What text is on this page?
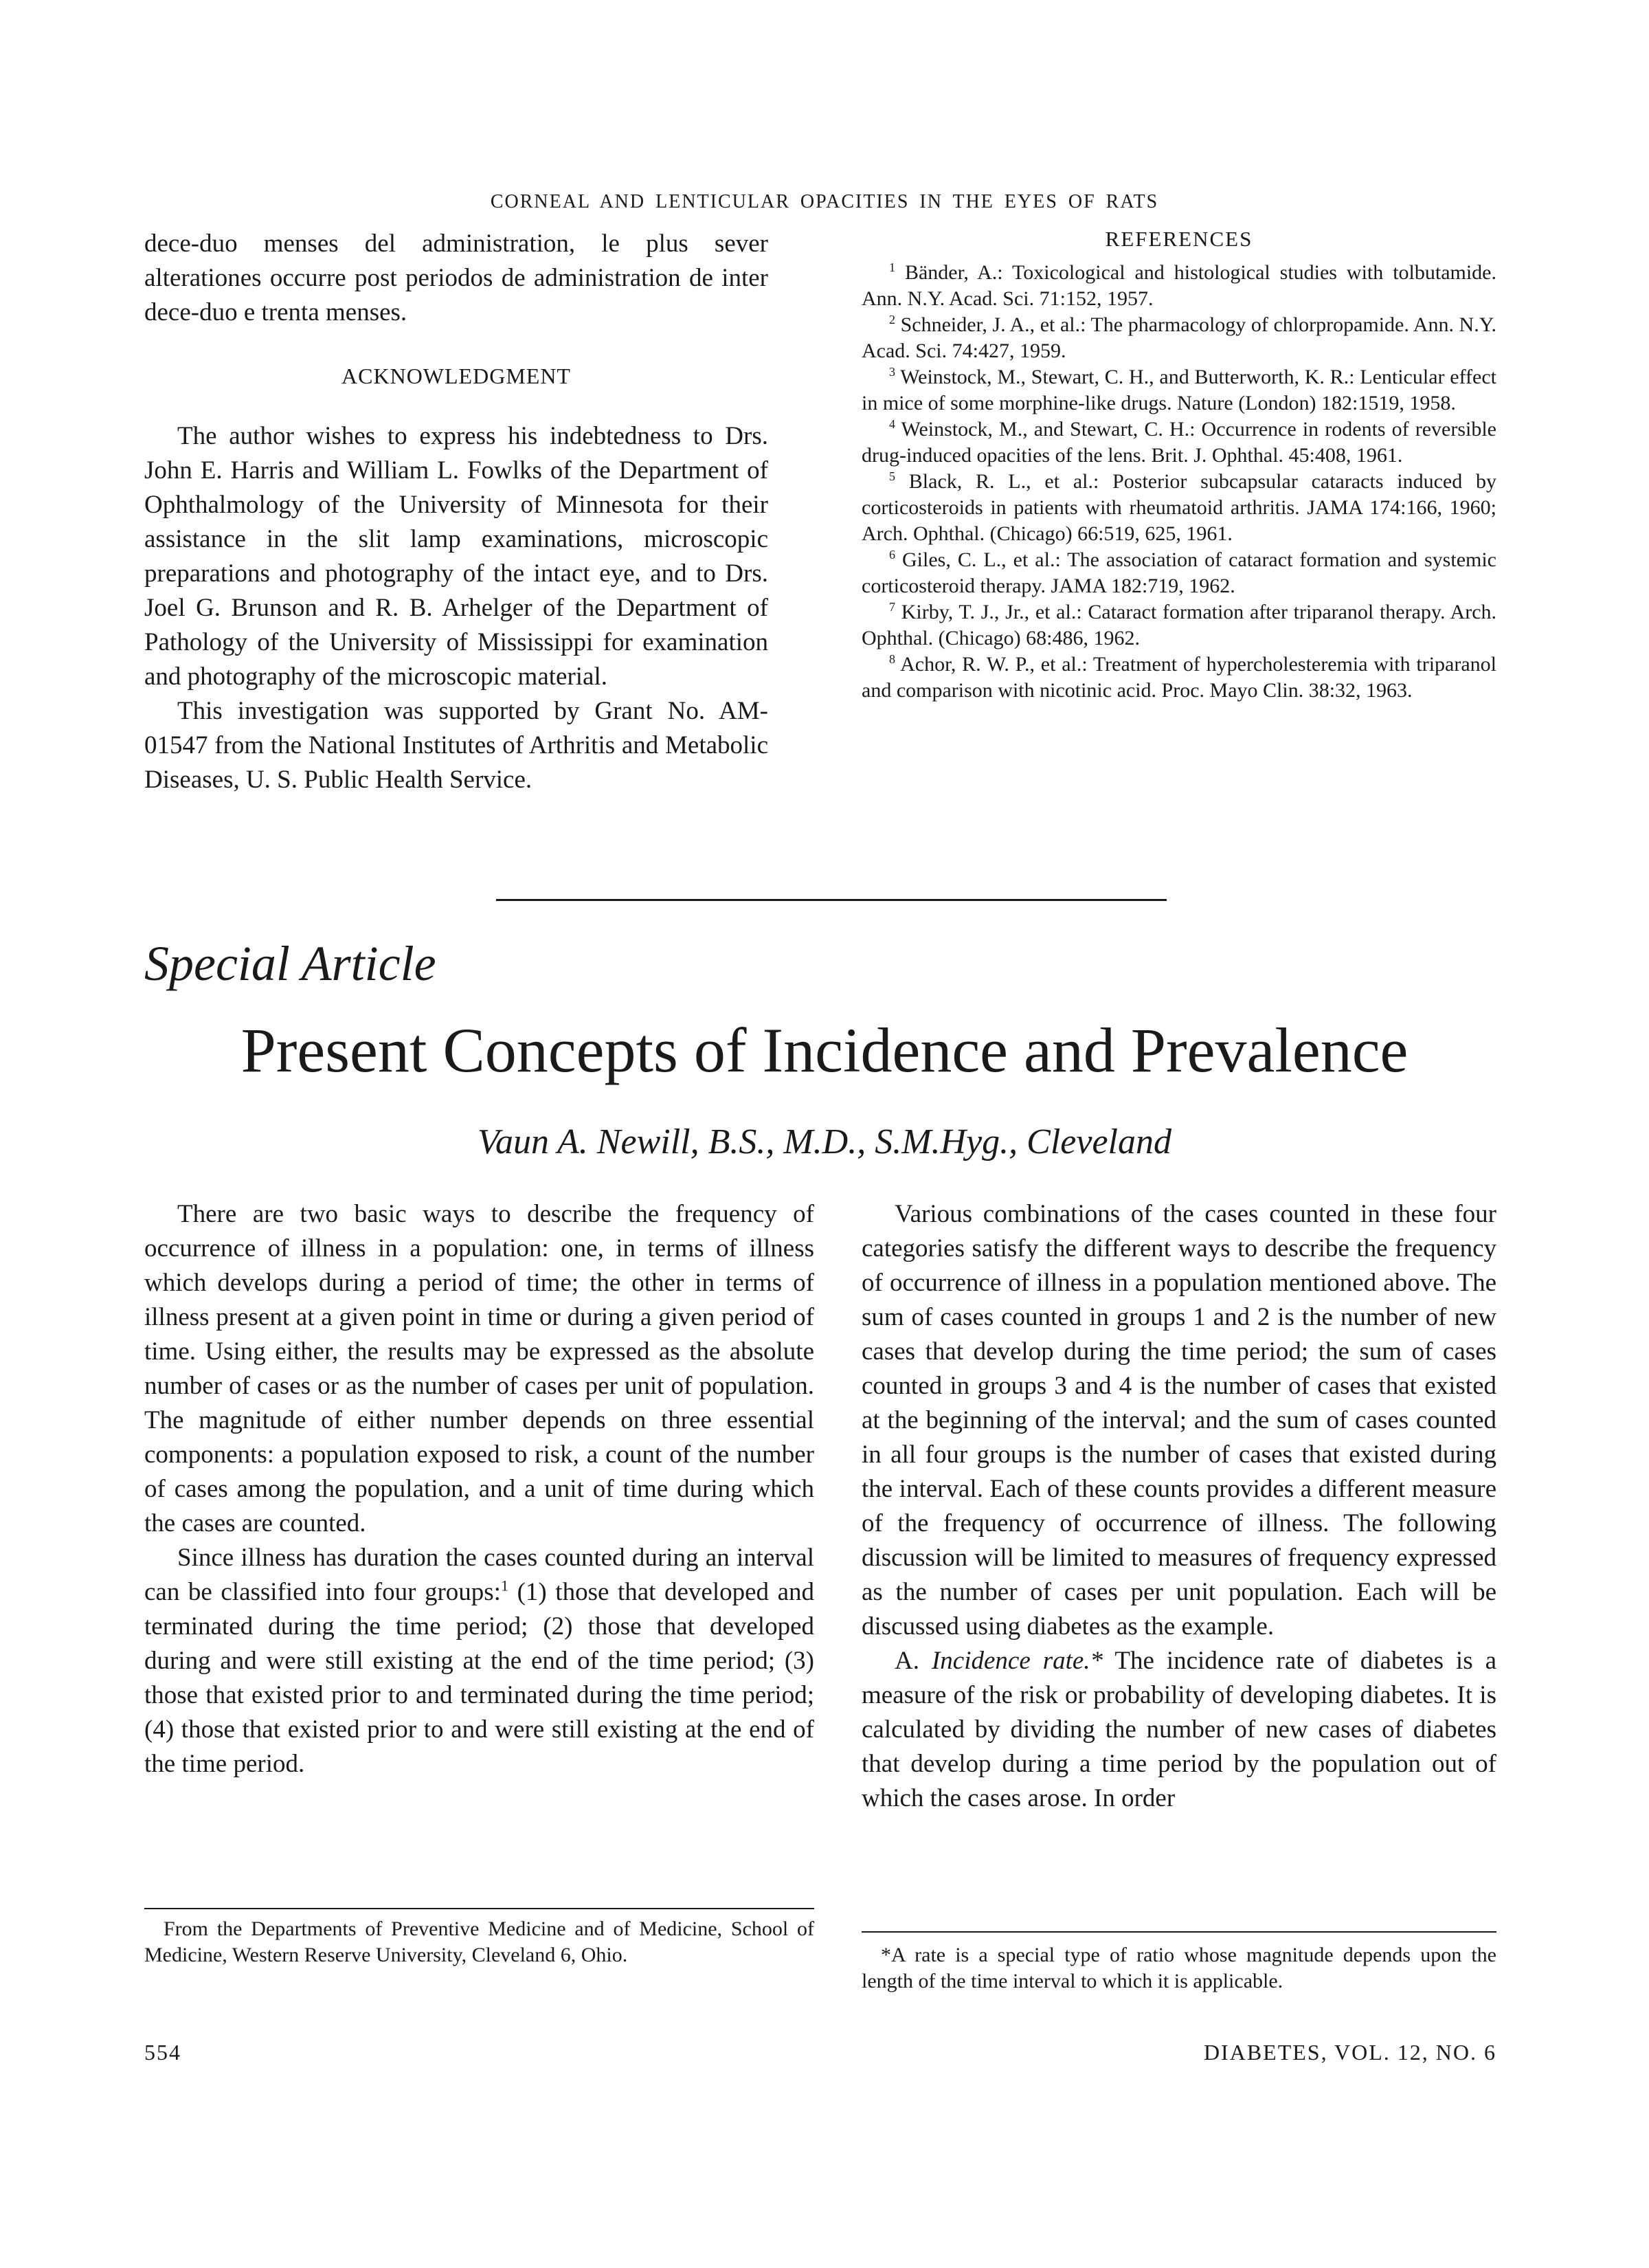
CORNEAL AND LENTICULAR OPACITIES IN THE EYES OF RATS

dece-duo menses del administration, le plus sever alterationes occurre post periodos de administration de inter dece-duo e trenta menses.

ACKNOWLEDGMENT

The author wishes to express his indebtedness to Drs. John E. Harris and William L. Fowlks of the Department of Ophthalmology of the University of Minnesota for their assistance in the slit lamp examinations, microscopic preparations and photography of the intact eye, and to Drs. Joel G. Brunson and R. B. Arhelger of the Department of Pathology of the University of Mississippi for examination and photography of the microscopic material.

This investigation was supported by Grant No. AM-01547 from the National Institutes of Arthritis and Metabolic Diseases, U. S. Public Health Service.

REFERENCES

$^1$ Bänder, A.: Toxicological and histological studies with tolbutamide. Ann. N.Y. Acad. Sci. 71:152, 1957.

$^2$ Schneider, J. A., et al.: The pharmacology of chlorpropamide. Ann. N.Y. Acad. Sci. 74:427, 1959.

$^3$ Weinstock, M., Stewart, C. H., and Butterworth, K. R.: Lenticular effect in mice of some morphine-like drugs. Nature (London) 182:1519, 1958.

$^4$ Weinstock, M., and Stewart, C. H.: Occurrence in rodents of reversible drug-induced opacities of the lens. Brit. J. Ophthal. 45:408, 1961.

$^5$ Black, R. L., et al.: Posterior subcapsular cataracts induced by corticosteroids in patients with rheumatoid arthritis. JAMA 174:166, 1960; Arch. Ophthal. (Chicago) 66:519, 625, 1961.

$^6$ Giles, C. L., et al.: The association of cataract formation and systemic corticosteroid therapy. JAMA 182:719, 1962.

$^7$ Kirby, T. J., Jr., et al.: Cataract formation after triparanol therapy. Arch. Ophthal. (Chicago) 68:486, 1962.

$^8$ Achor, R. W. P., et al.: Treatment of hypercholesteremia with triparanol and comparison with nicotinic acid. Proc. Mayo Clin. 38:32, 1963.

Special Article
Present Concepts of Incidence and Prevalence
Vaun A. Newill, B.S., M.D., S.M.Hyg., Cleveland

There are two basic ways to describe the frequency of occurrence of illness in a population: one, in terms of illness which develops during a period of time; the other in terms of illness present at a given point in time or during a given period of time. Using either, the results may be expressed as the absolute number of cases or as the number of cases per unit of population. The magnitude of either number depends on three essential components: a population exposed to risk, a count of the number of cases among the population, and a unit of time during which the cases are counted.

Since illness has duration the cases counted during an interval can be classified into four groups:$^1$ (1) those that developed and terminated during the time period; (2) those that developed during and were still existing at the end of the time period; (3) those that existed prior to and terminated during the time period; (4) those that existed prior to and were still existing at the end of the time period.

From the Departments of Preventive Medicine and of Medicine, School of Medicine, Western Reserve University, Cleveland 6, Ohio.

Various combinations of the cases counted in these four categories satisfy the different ways to describe the frequency of occurrence of illness in a population mentioned above. The sum of cases counted in groups 1 and 2 is the number of new cases that develop during the time period; the sum of cases counted in groups 3 and 4 is the number of cases that existed at the beginning of the interval; and the sum of cases counted in all four groups is the number of cases that existed during the interval. Each of these counts provides a different measure of the frequency of occurrence of illness. The following discussion will be limited to measures of frequency expressed as the number of cases per unit population. Each will be discussed using diabetes as the example.

A. Incidence rate.* The incidence rate of diabetes is a measure of the risk or probability of developing diabetes. It is calculated by dividing the number of new cases of diabetes that develop during a time period by the population out of which the cases arose. In order

*A rate is a special type of ratio whose magnitude depends upon the length of the time interval to which it is applicable.

554	DIABETES, VOL. 12, NO. 6
